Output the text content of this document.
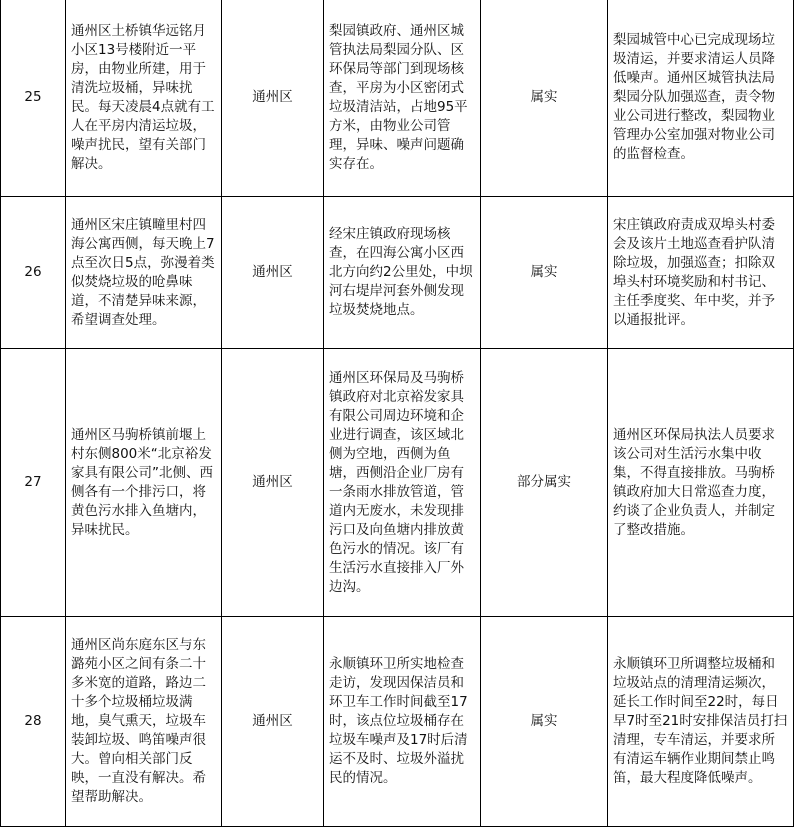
25	通州区土桥镇华远铭月小区13号楼附近一平房，由物业所建，用于清洗垃圾桶，异味扰民。每天凌晨4点就有工人在平房内清运垃圾，噪声扰民，望有关部门解决。	通州区	梨园镇政府、通州区城管执法局梨园分队、区环保局等部门到现场核查，平房为小区密闭式垃圾清洁站，占地95平方米，由物业公司管理，异味、噪声问题确实存在。	属实	梨园城管中心已完成现场垃圾清运，并要求清运人员降低噪声。通州区城管执法局梨园分队加强巡查，责令物业公司进行整改，梨园物业管理办公室加强对物业公司的监督检查。
26	通州区宋庄镇疃里村四海公寓西侧，每天晚上7点至次日5点，弥漫着类似焚烧垃圾的呛鼻味道，不清楚异味来源，希望调查处理。	通州区	经宋庄镇政府现场核查，在四海公寓小区西北方向约2公里处，中坝河右堤岸河套外侧发现垃圾焚烧地点。	属实	宋庄镇政府责成双埠头村委会及该片土地巡查看护队清除垃圾，加强巡查；扣除双埠头村环境奖励和村书记、主任季度奖、年中奖，并予以通报批评。
27	通州区马驹桥镇前堰上村东侧800米“北京裕发家具有限公司”北侧、西侧各有一个排污口，将黄色污水排入鱼塘内，异味扰民。	通州区	通州区环保局及马驹桥镇政府对北京裕发家具有限公司周边环境和企业进行调查，该区域北侧为空地，西侧为鱼塘，西侧沿企业厂房有一条雨水排放管道，管道内无废水，未发现排污口及向鱼塘内排放黄色污水的情况。该厂有生活污水直接排入厂外边沟。	部分属实	通州区环保局执法人员要求该公司对生活污水集中收集，不得直接排放。马驹桥镇政府加大日常巡查力度，约谈了企业负责人，并制定了整改措施。
28	通州区尚东庭东区与东潞苑小区之间有条二十多米宽的道路，路边二十多个垃圾桶垃圾满地，臭气熏天，垃圾车装卸垃圾、鸣笛噪声很大。曾向相关部门反映，一直没有解决。希望帮助解决。	通州区	永顺镇环卫所实地检查走访，发现因保洁员和环卫车工作时间截至17时，该点位垃圾桶存在垃圾车噪声及17时后清运不及时、垃圾外溢扰民的情况。	属实	永顺镇环卫所调整垃圾桶和垃圾站点的清理清运频次，延长工作时间至22时，每日早7时至21时安排保洁员打扫清理，专车清运，并要求所有清运车辆作业期间禁止鸣笛，最大程度降低噪声。
